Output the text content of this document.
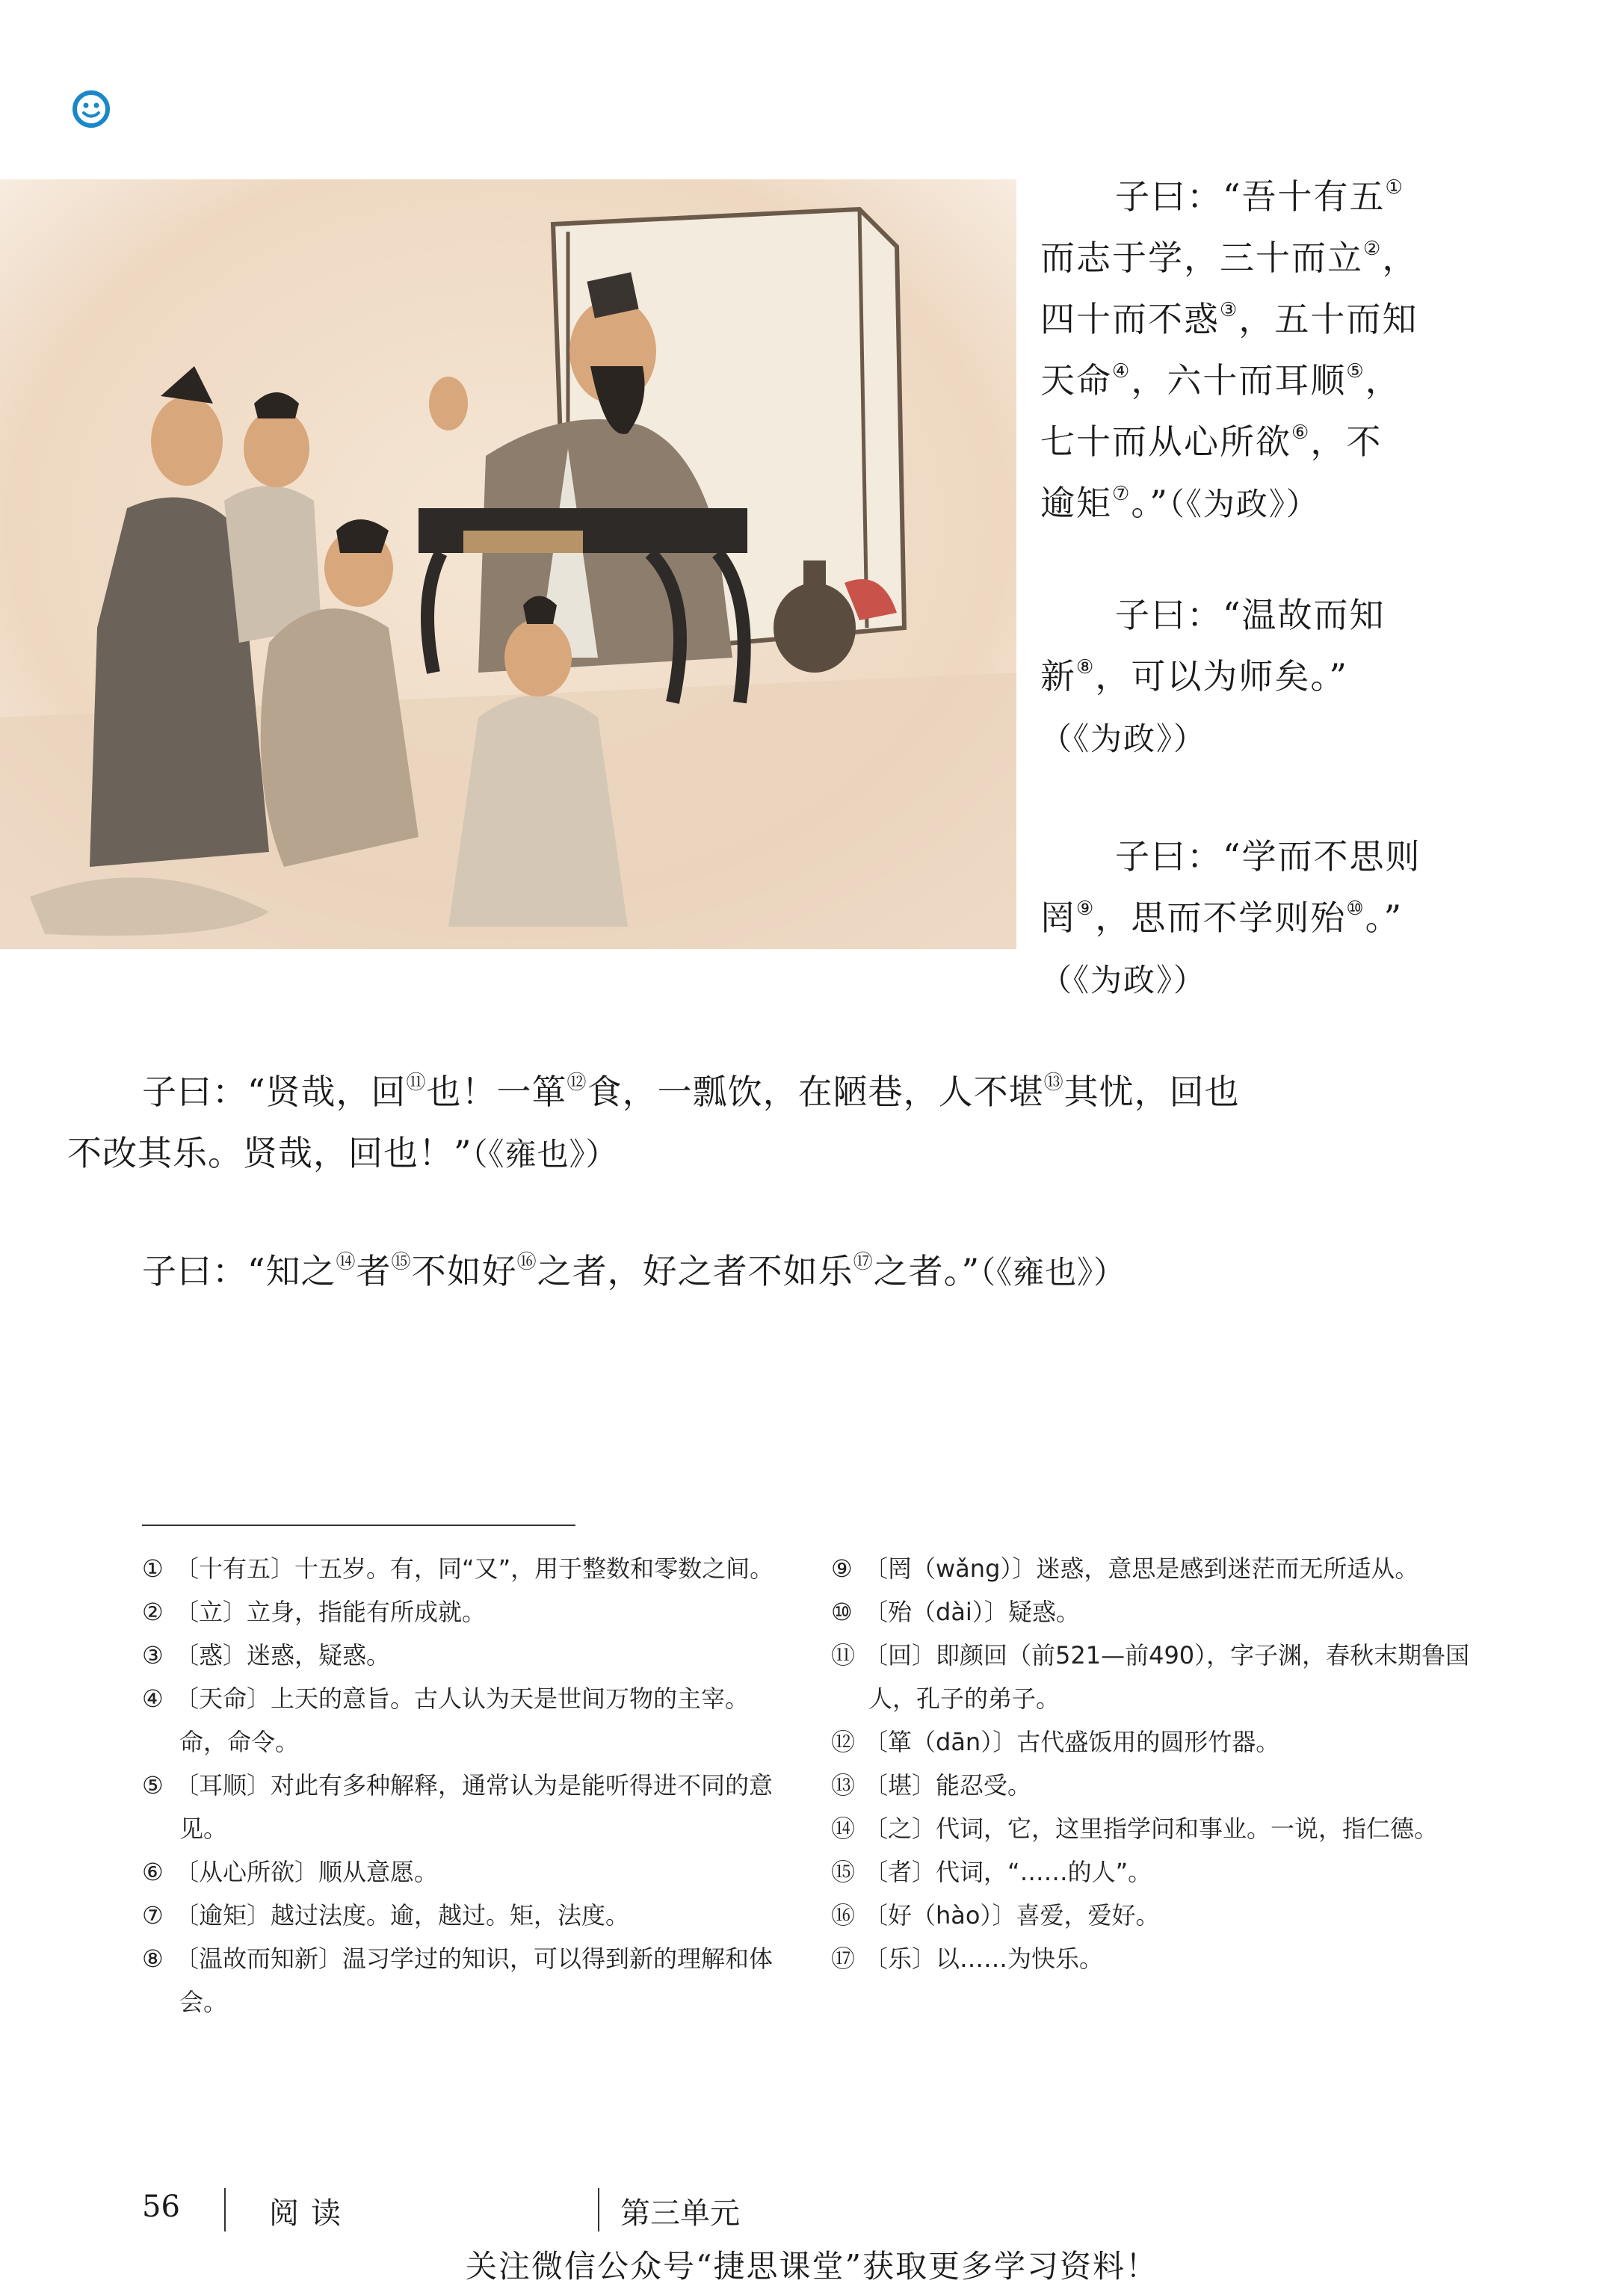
子曰：“吾十有五①
而志于学，三十而立②，
四十而不惑③，五十而知
天命④，六十而耳顺⑤，
七十而从心所欲⑥，不
逾矩⑦。”（《为政》）
子曰：“温故而知
新⑧，可以为师矣。”
（《为政》）
子曰：“学而不思则
罔⑨，思而不学则殆⑩。”
（《为政》）
子曰：“贤哉，回⑪也！一箪⑫食，一瓢饮，在陋巷，人不堪⑬其忧，回也
不改其乐。贤哉，回也！”（《雍也》）
子曰：“知之⑭者⑮不如好⑯之者，好之者不如乐⑰之者。”（《雍也》）

① 〔十有五〕十五岁。有，同“又”，用于整数和零数之间。

② 〔立〕立身，指能有所成就。

③ 〔惑〕迷惑，疑惑。

④ 〔天命〕上天的意旨。古人认为天是世间万物的主宰。命，命令。

⑤ 〔耳顺〕对此有多种解释，通常认为是能听得进不同的意见。

⑥ 〔从心所欲〕顺从意愿。

⑦ 〔逾矩〕越过法度。逾，越过。矩，法度。

⑧ 〔温故而知新〕温习学过的知识，可以得到新的理解和体会。

⑨ 〔罔（wǎng）〕迷惑，意思是感到迷茫而无所适从。

⑩ 〔殆（dài）〕疑惑。

⑪ 〔回〕即颜回（前521—前490），字子渊，春秋末期鲁国人，孔子的弟子。

⑫ 〔箪（dān）〕古代盛饭用的圆形竹器。

⑬ 〔堪〕能忍受。

⑭ 〔之〕代词，它，这里指学问和事业。一说，指仁德。

⑮ 〔者〕代词，“……的人”。

⑯ 〔好（hào）〕喜爱，爱好。

⑰ 〔乐〕以……为快乐。

56	阅读	第三单元
关注微信公众号“捷思课堂”获取更多学习资料！
